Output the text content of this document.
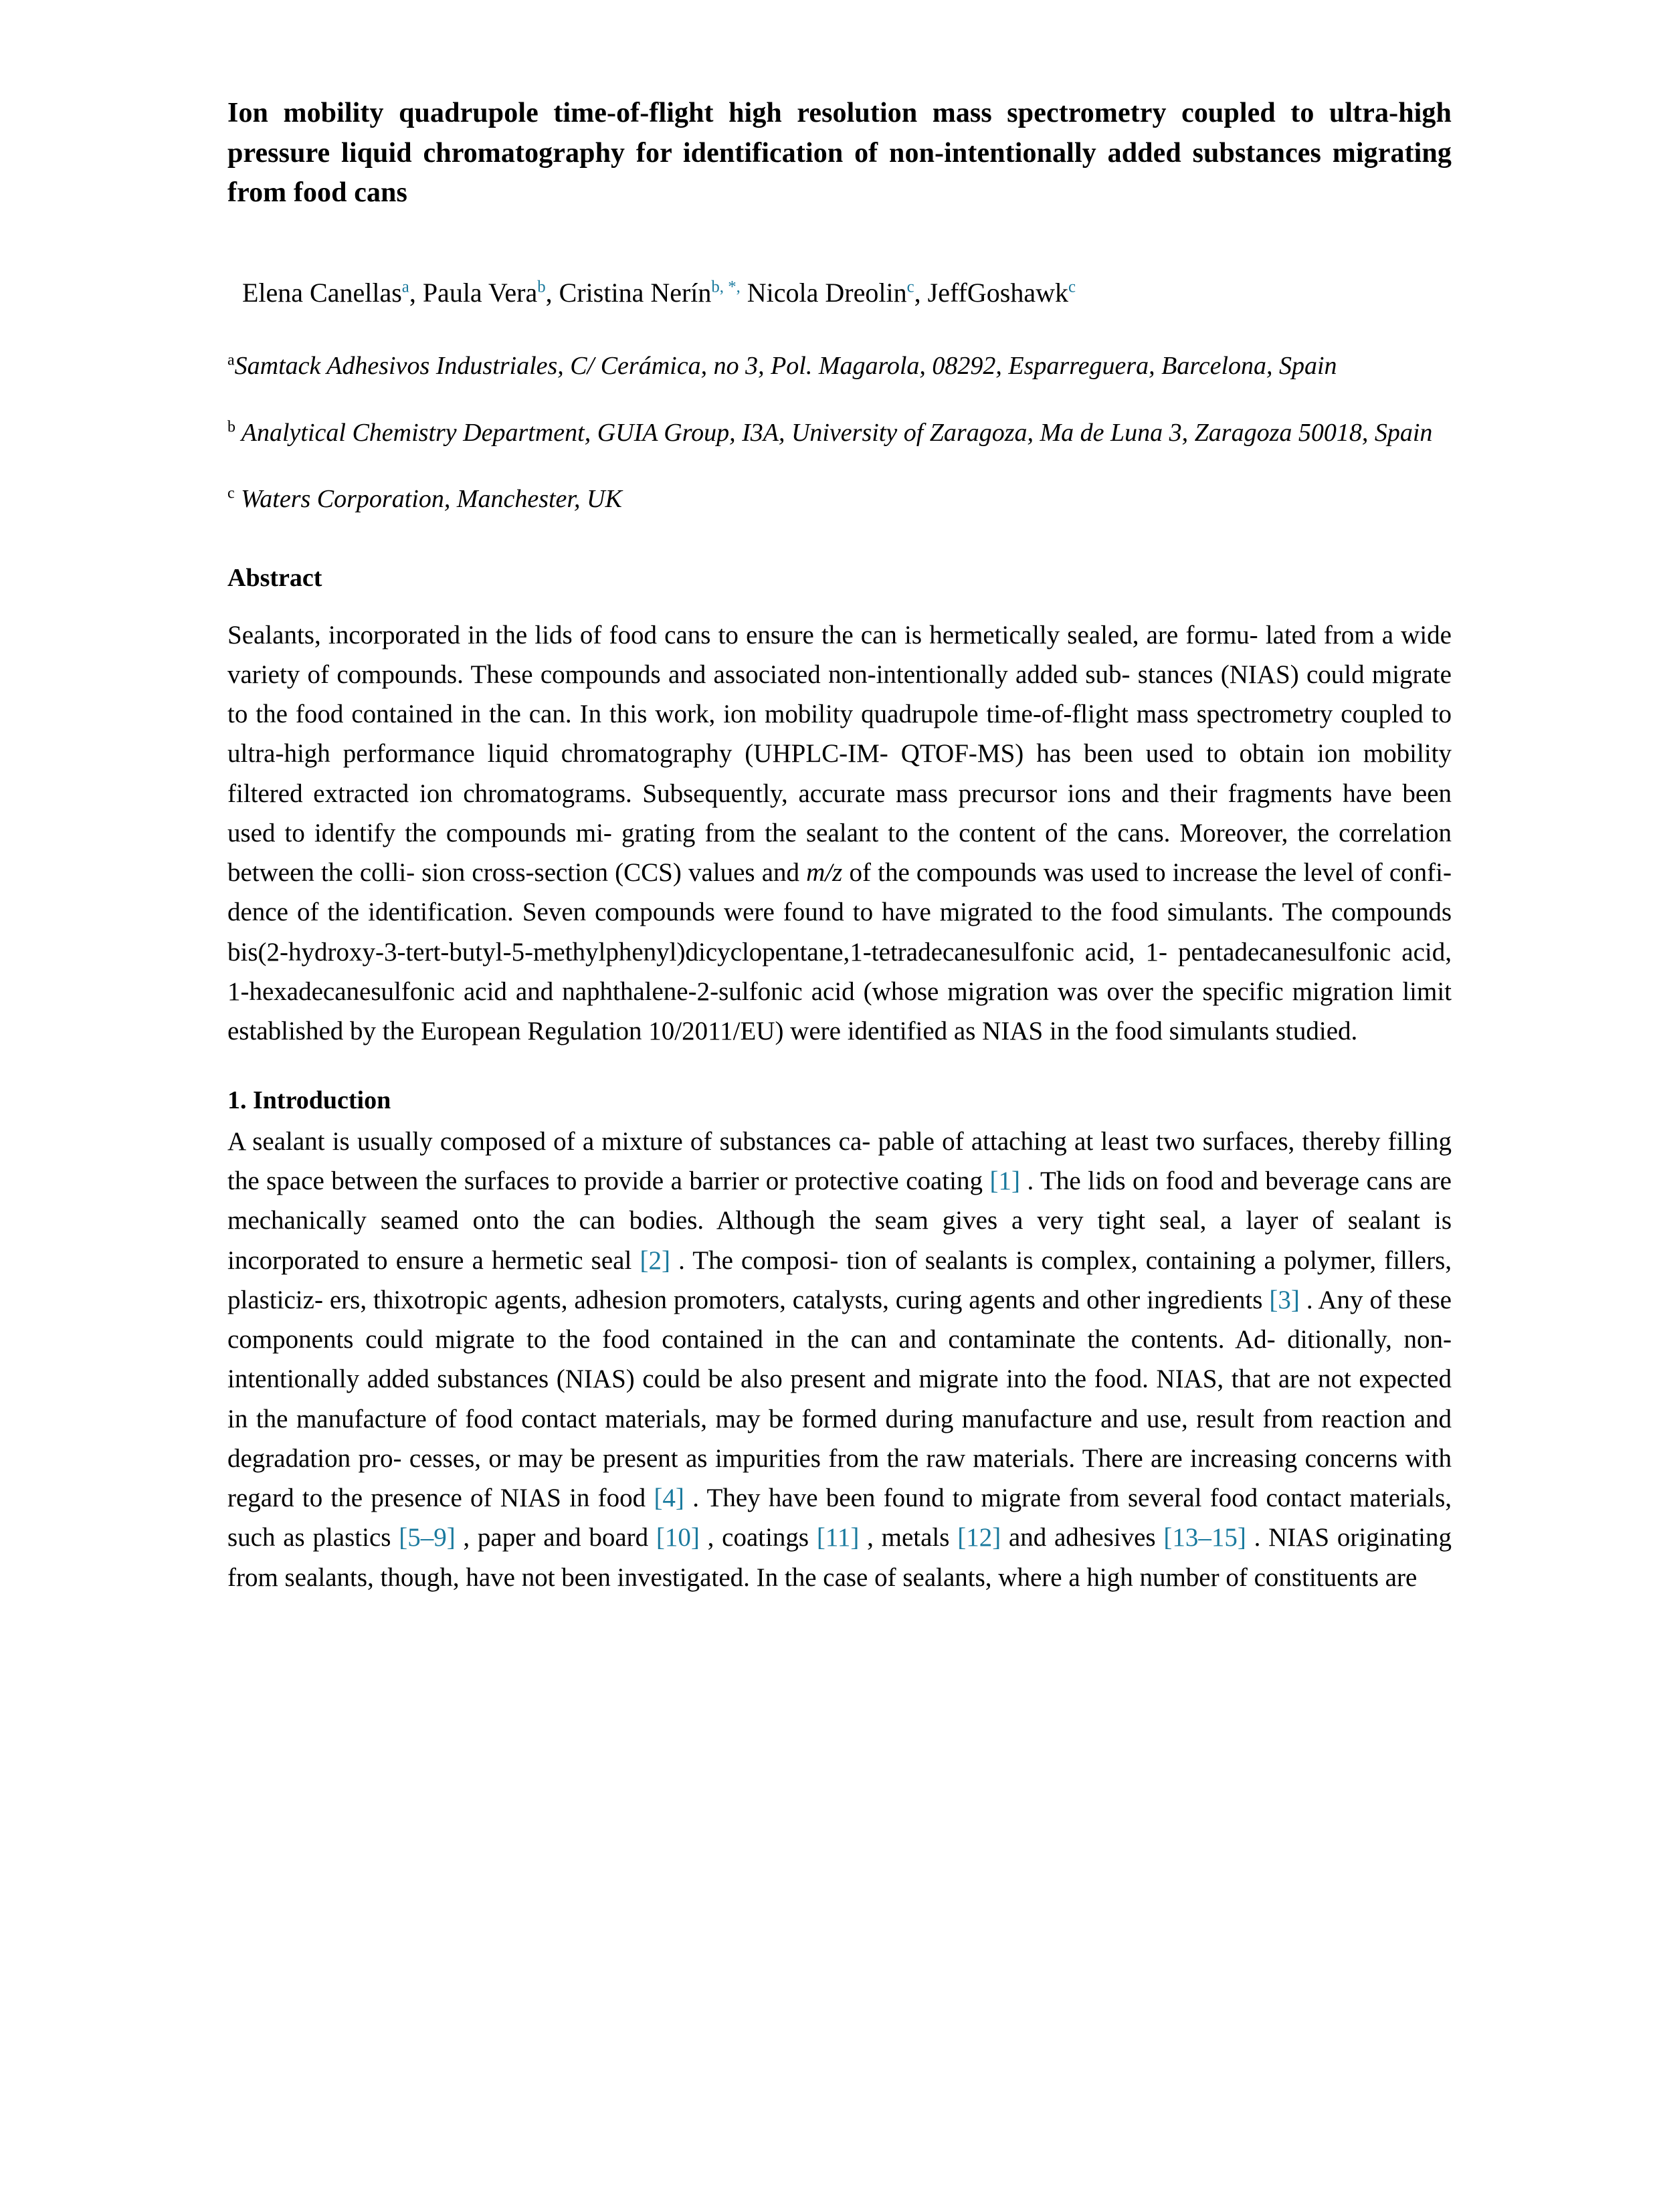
Ion mobility quadrupole time-of-flight high resolution mass spectrometry coupled to ultra-high pressure liquid chromatography for identification of non-intentionally added substances migrating from food cans

Elena Canellas$^a$, Paula Vera$^b$, Cristina Nerín$^{b, *,}$ Nicola Dreolin$^c$, JeffGoshawk$^c$

$^a$Samtack Adhesivos Industriales, C/ Cerámica, no 3, Pol. Magarola, 08292, Esparreguera, Barcelona, Spain

$^b$ Analytical Chemistry Department, GUIA Group, I3A, University of Zaragoza, Ma de Luna 3, Zaragoza 50018, Spain

$^c$ Waters Corporation, Manchester, UK

Abstract

Sealants, incorporated in the lids of food cans to ensure the can is hermetically sealed, are formu- lated from a wide variety of compounds. These compounds and associated non-intentionally added sub- stances (NIAS) could migrate to the food contained in the can. In this work, ion mobility quadrupole time-of-flight mass spectrometry coupled to ultra-high performance liquid chromatography (UHPLC-IM- QTOF-MS) has been used to obtain ion mobility filtered extracted ion chromatograms. Subsequently, accurate mass precursor ions and their fragments have been used to identify the compounds mi- grating from the sealant to the content of the cans. Moreover, the correlation between the colli- sion cross-section (CCS) values and m/z of the compounds was used to increase the level of confi- dence of the identification. Seven compounds were found to have migrated to the food simulants. The compounds bis(2-hydroxy-3-tert-butyl-5-methylphenyl)dicyclopentane,1-tetradecanesulfonic acid, 1- pentadecanesulfonic acid, 1-hexadecanesulfonic acid and naphthalene-2-sulfonic acid (whose migration was over the specific migration limit established by the European Regulation 10/2011/EU) were identified as NIAS in the food simulants studied.

1. Introduction

A sealant is usually composed of a mixture of substances ca- pable of attaching at least two surfaces, thereby filling the space between the surfaces to provide a barrier or protective coating [1] . The lids on food and beverage cans are mechanically seamed onto the can bodies. Although the seam gives a very tight seal, a layer of sealant is incorporated to ensure a hermetic seal [2] . The composi- tion of sealants is complex, containing a polymer, fillers, plasticiz- ers, thixotropic agents, adhesion promoters, catalysts, curing agents and other ingredients [3] . Any of these components could migrate to the food contained in the can and contaminate the contents. Ad- ditionally, non-intentionally added substances (NIAS) could be also present and migrate into the food. NIAS, that are not expected in the manufacture of food contact materials, may be formed during manufacture and use, result from reaction and degradation pro- cesses, or may be present as impurities from the raw materials. There are increasing concerns with regard to the presence of NIAS in food [4] . They have been found to migrate from several food contact materials, such as plastics [5–9] , paper and board [10] , coatings [11] , metals [12] and adhesives [13–15] . NIAS originating from sealants, though, have not been investigated. In the case of sealants, where a high number of constituents are
